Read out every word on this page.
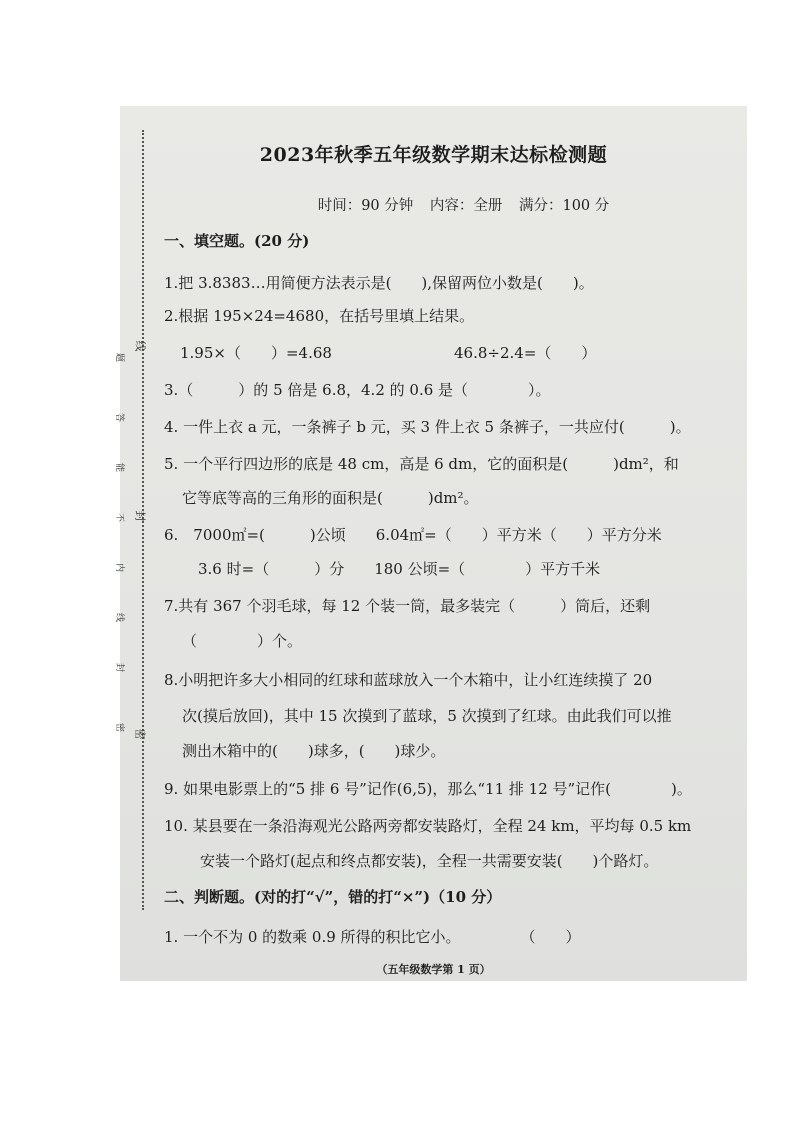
题
答
能
不
内
线
封
密
线
封
密
2023年秋季五年级数学期末达标检测题
时间：90 分钟 内容：全册 满分：100 分
一、填空题。(20 分)
1.把 3.8383…用简便方法表示是(　　),保留两位小数是(　　)。
2.根据 195×24=4680，在括号里填上结果。
1.95×（　　）=4.68	46.8÷2.4=（　　）
3.（　　　）的 5 倍是 6.8，4.2 的 0.6 是（　　　　）。
4. 一件上衣 a 元，一条裤子 b 元，买 3 件上衣 5 条裤子，一共应付(　　　)。
5. 一个平行四边形的底是 48 cm，高是 6 dm，它的面积是(　　　)dm²，和
它等底等高的三角形的面积是(　　　)dm²。
6.　7000㎡=(　　　)公顷　　6.04㎡=（　　）平方米（　　）平方分米
3.6 时=（　　　）分　　180 公顷=（　　　　）平方千米
7.共有 367 个羽毛球，每 12 个装一筒，最多装完（　　　）筒后，还剩
（　　　　）个。
8.小明把许多大小相同的红球和蓝球放入一个木箱中，让小红连续摸了 20
次(摸后放回)，其中 15 次摸到了蓝球，5 次摸到了红球。由此我们可以推
测出木箱中的(　　)球多，(　　)球少。
9. 如果电影票上的“5 排 6 号”记作(6,5)，那么“11 排 12 号”记作(　　　　)。
10. 某县要在一条沿海观光公路两旁都安装路灯，全程 24 km，平均每 0.5 km
安装一个路灯(起点和终点都安装)，全程一共需要安装(　　)个路灯。
二、判断题。(对的打“√”，错的打“×”)（10 分）
1. 一个不为 0 的数乘 0.9 所得的积比它小。　　　　　（　　）
（五年级数学第 1 页）
